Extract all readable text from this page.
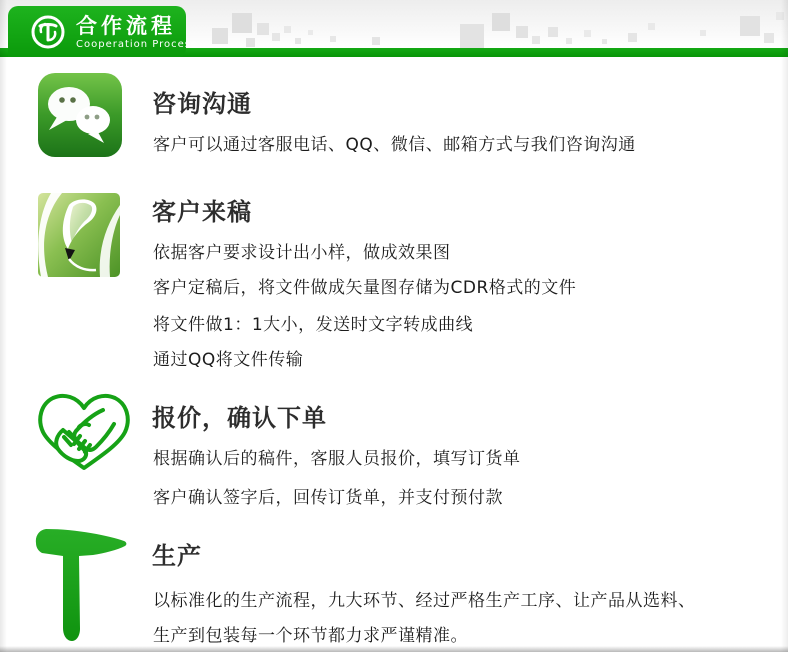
合作流程
Cooperation Process
咨询沟通

客户可以通过客服电话、QQ、微信、邮箱方式与我们咨询沟通

客户来稿

依据客户要求设计出小样，做成效果图

客户定稿后，将文件做成矢量图存储为CDR格式的文件

将文件做1：1大小，发送时文字转成曲线

通过QQ将文件传输

报价，确认下单

根据确认后的稿件，客服人员报价，填写订货单

客户确认签字后，回传订货单，并支付预付款

生产

以标准化的生产流程，九大环节、经过严格生产工序、让产品从选料、

生产到包装每一个环节都力求严谨精准。
